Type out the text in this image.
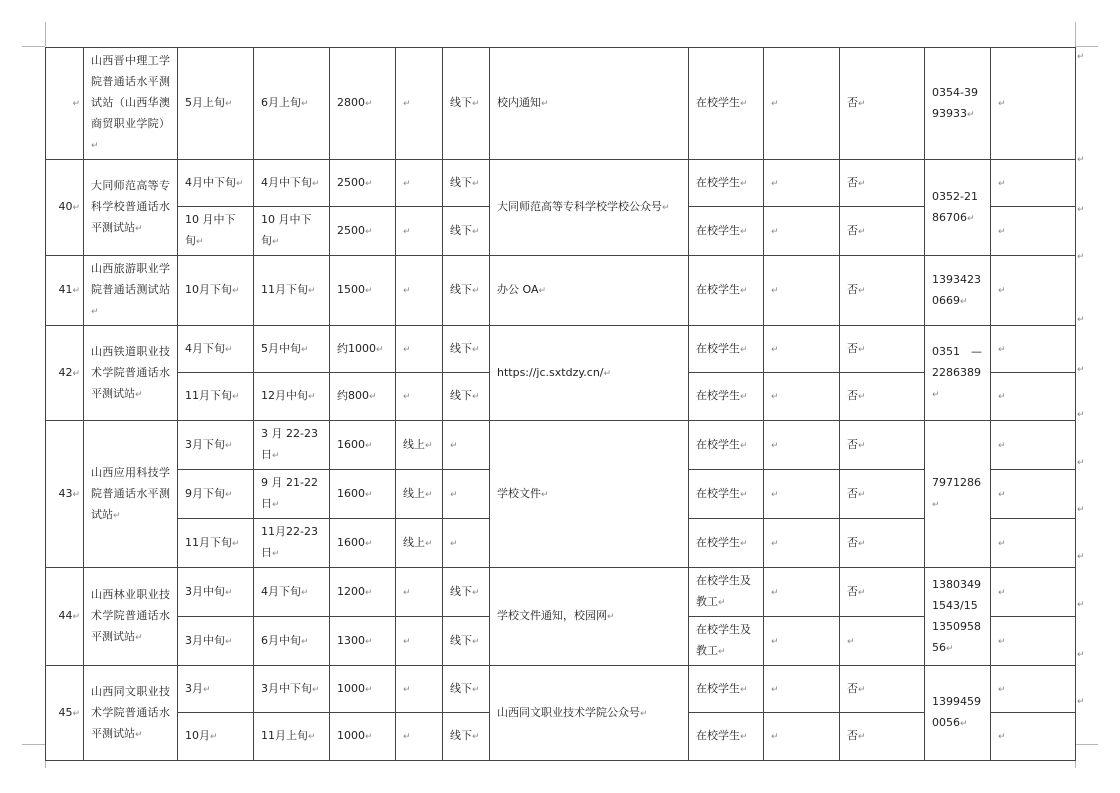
↵	山西晋中理工学院普通话水平测试站（山西华澳商贸职业学院）↵	5月上旬↵	6月上旬↵	2800↵	↵	线下↵	校内通知↵	在校学生↵	↵	否↵	0354-3993933↵	↵
40↵	大同师范高等专科学校普通话水平测试站↵	4月中下旬↵	4月中下旬↵	2500↵	↵	线下↵	大同师范高等专科学校学校公众号↵	在校学生↵	↵	否↵	0352-2186706↵	↵
		10 月中下旬↵	10 月中下旬↵	2500↵	↵	线下↵		在校学生↵	↵	否↵		↵
41↵	山西旅游职业学院普通话测试站↵	10月下旬↵	11月下旬↵	1500↵	↵	线下↵	办公 OA↵	在校学生↵	↵	否↵	13934230669↵	↵
42↵	山西铁道职业技术学院普通话水平测试站↵	4月下旬↵	5月中旬↵	约1000↵	↵	线下↵	https://jc.sxtdzy.cn/↵	在校学生↵	↵	否↵	0351　—2286389↵	↵
		11月下旬↵	12月中旬↵	约800↵	↵	线下↵		在校学生↵	↵	否↵		↵
43↵	山西应用科技学院普通话水平测试站↵	3月下旬↵	3 月 22-23日↵	1600↵	线上↵	↵	学校文件↵	在校学生↵	↵	否↵	7971286↵	↵
		9月下旬↵	9 月 21-22日↵	1600↵	线上↵	↵		在校学生↵	↵	否↵		↵
		11月下旬↵	11月22-23日↵	1600↵	线上↵	↵		在校学生↵	↵	否↵		↵
44↵	山西林业职业技术学院普通话水平测试站↵	3月中旬↵	4月下旬↵	1200↵	↵	线下↵	学校文件通知，校园网↵	在校学生及教工↵	↵	否↵	13803491543/15135095856↵	↵
		3月中旬↵	6月中旬↵	1300↵	↵	线下↵		在校学生及教工↵	↵	↵		↵
45↵	山西同文职业技术学院普通话水平测试站↵	3月↵	3月中下旬↵	1000↵	↵	线下↵	山西同文职业技术学院公众号↵	在校学生↵	↵	否↵	13994590056↵	↵
		10月↵	11月上旬↵	1000↵	↵	线下↵		在校学生↵	↵	否↵		↵
↵
↵
↵
↵
↵
↵
↵
↵
↵
↵
↵
↵
↵
